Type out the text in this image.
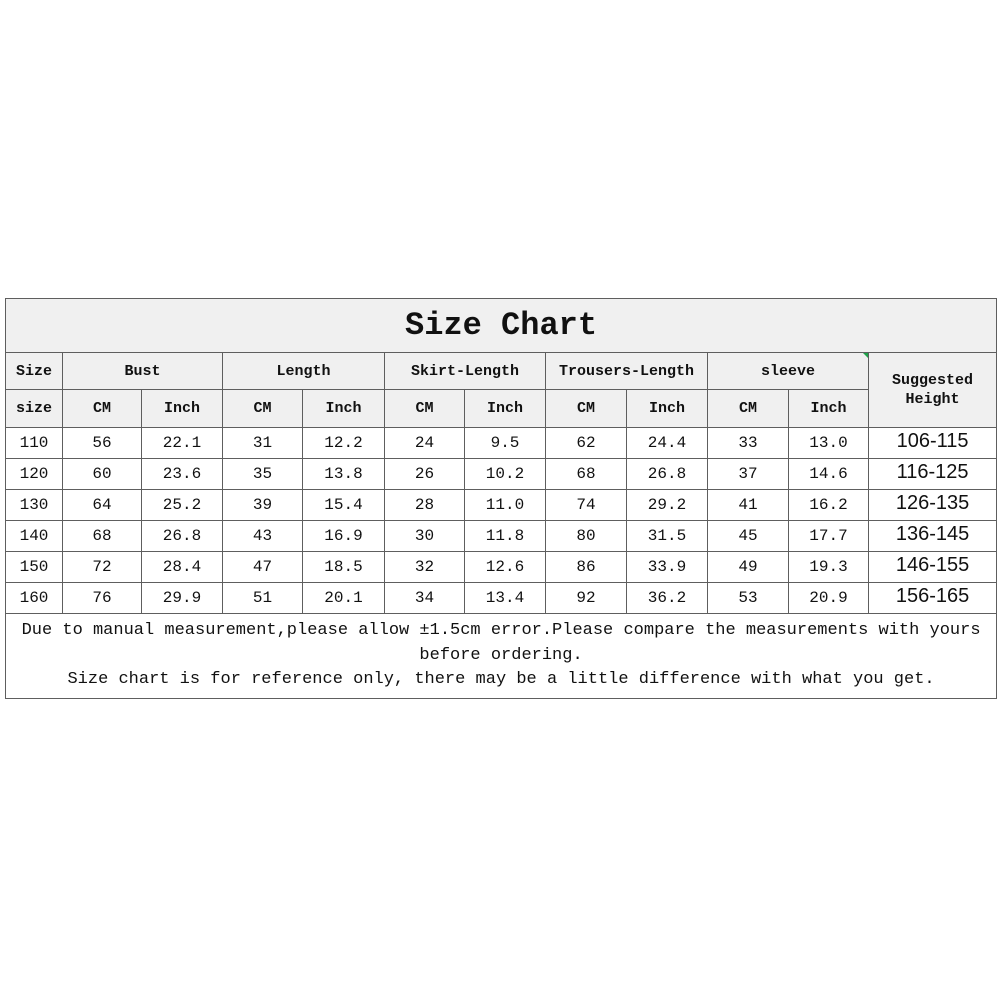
Size Chart											
Size	Bust		Length		Skirt-Length		Trousers-Length		sleeve		Suggested Height
size	CM	Inch	CM	Inch	CM	Inch	CM	Inch	CM	Inch	
110	56	22.1	31	12.2	24	9.5	62	24.4	33	13.0	106-115
120	60	23.6	35	13.8	26	10.2	68	26.8	37	14.6	116-125
130	64	25.2	39	15.4	28	11.0	74	29.2	41	16.2	126-135
140	68	26.8	43	16.9	30	11.8	80	31.5	45	17.7	136-145
150	72	28.4	47	18.5	32	12.6	86	33.9	49	19.3	146-155
160	76	29.9	51	20.1	34	13.4	92	36.2	53	20.9	156-165

Due to manual measurement,please allow ±1.5cm error.Please compare the measurements with yours before ordering.
Size chart is for reference only, there may be a little difference with what you get.											
